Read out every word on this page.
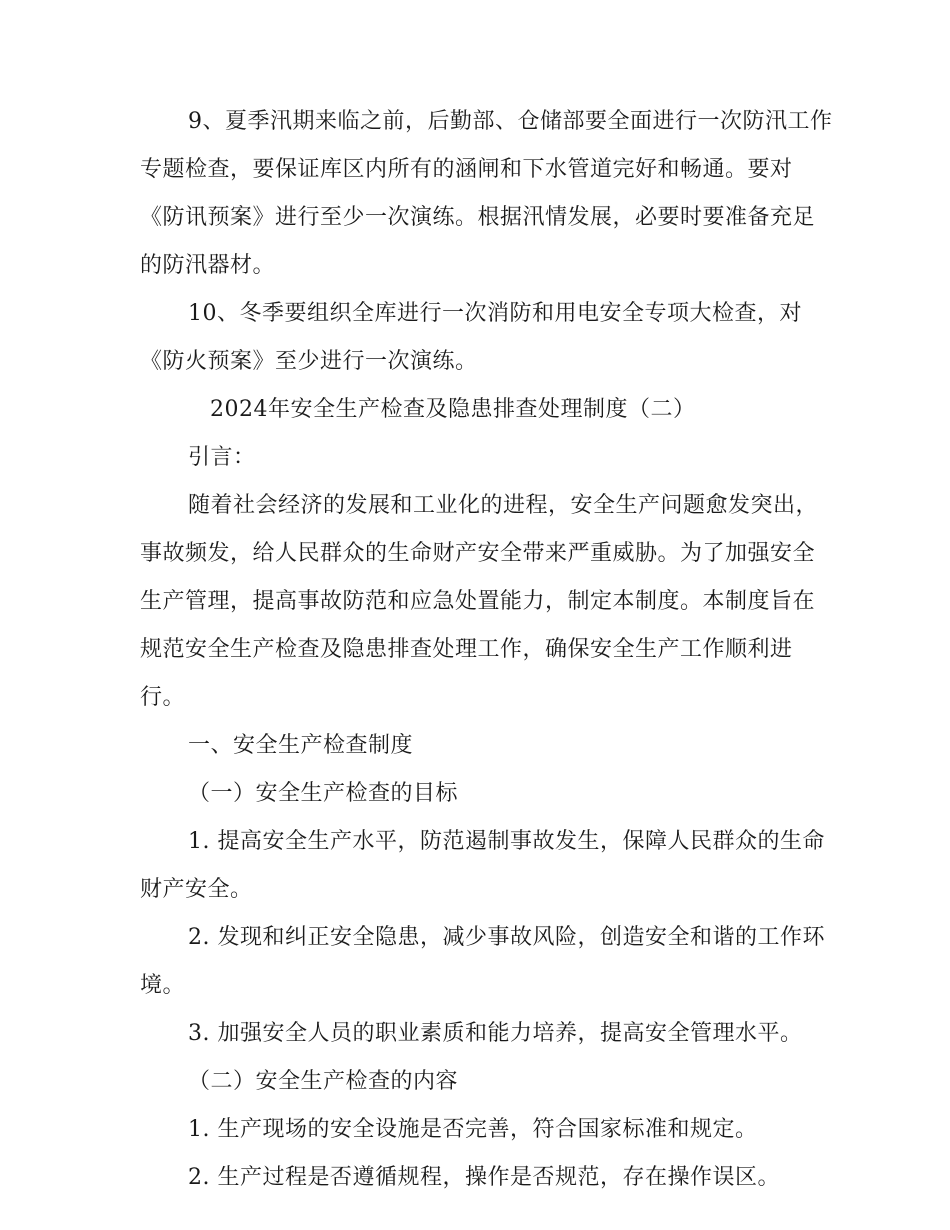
9、夏季汛期来临之前，后勤部、仓储部要全面进行一次防汛工作
专题检查，要保证库区内所有的涵闸和下水管道完好和畅通。要对
《防讯预案》进行至少一次演练。根据汛情发展，必要时要准备充足
的防汛器材。
10、冬季要组织全库进行一次消防和用电安全专项大检查，对
《防火预案》至少进行一次演练。
2024年安全生产检查及隐患排查处理制度（二）
引言：
随着社会经济的发展和工业化的进程，安全生产问题愈发突出，
事故频发，给人民群众的生命财产安全带来严重威胁。为了加强安全
生产管理，提高事故防范和应急处置能力，制定本制度。本制度旨在
规范安全生产检查及隐患排查处理工作，确保安全生产工作顺利进
行。
一、安全生产检查制度
（一）安全生产检查的目标
1. 提高安全生产水平，防范遏制事故发生，保障人民群众的生命
财产安全。
2. 发现和纠正安全隐患，减少事故风险，创造安全和谐的工作环
境。
3. 加强安全人员的职业素质和能力培养，提高安全管理水平。
（二）安全生产检查的内容
1. 生产现场的安全设施是否完善，符合国家标准和规定。
2. 生产过程是否遵循规程，操作是否规范，存在操作误区。
